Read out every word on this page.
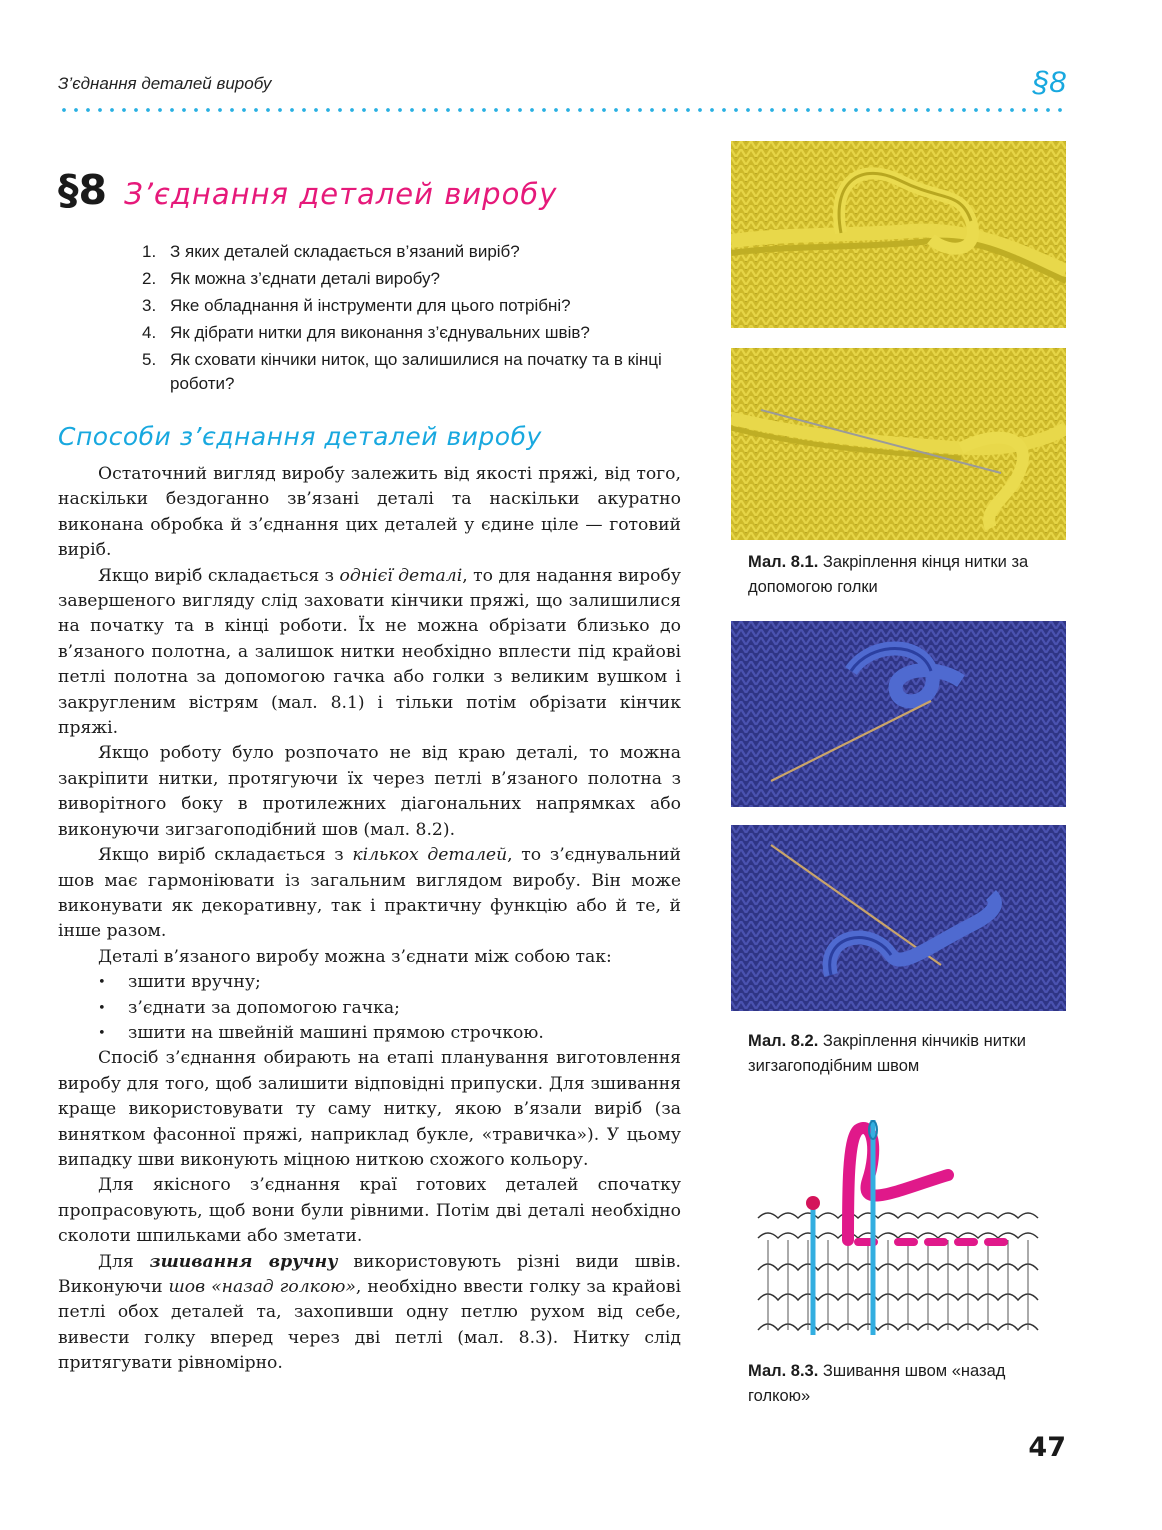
З’єднання деталей виробу	§8
§8 З’єднання деталей виробу
1. З яких деталей складається в’язаний виріб?
2. Як можна з’єднати деталі виробу?
3. Яке обладнання й інструменти для цього потрібні?
4. Як дібрати нитки для виконання з’єднувальних швів?
5. Як сховати кінчики ниток, що залишилися на початку та в кінці роботи?
Способи з’єднання деталей виробу

Остаточний вигляд виробу залежить від якості пряжі, від того, наскільки бездоганно зв’язані деталі та наскільки акуратно виконана обробка й з’єднання цих деталей у єдине ціле — готовий виріб.

Якщо виріб складається з однієї деталі, то для надання виробу завершеного вигляду слід заховати кінчики пряжі, що залишилися на початку та в кінці роботи. Їх не можна обрізати близько до в’язаного полотна, а залишок нитки необхідно вплести під крайові петлі полотна за допомогою гачка або голки з великим вушком і закругленим вістрям (мал. 8.1) і тільки потім обрізати кінчик пряжі.

Якщо роботу було розпочато не від краю деталі, то можна закріпити нитки, протягуючи їх через петлі в’язаного полотна з виворітного боку в протилежних діагональних напрямках або виконуючи зигзагоподібний шов (мал. 8.2).

Якщо виріб складається з кількох деталей, то з’єднувальний шов має гармоніювати із загальним виглядом виробу. Він може виконувати як декоративну, так і практичну функцію або й те, й інше разом.

Деталі в’язаного виробу можна з’єднати між собою так:

• зшити вручну;
• з’єднати за допомогою гачка;
• зшити на швейній машині прямою строчкою.

Спосіб з’єднання обирають на етапі планування виготовлення виробу для того, щоб залишити відповідні припуски. Для зшивання краще використовувати ту саму нитку, якою в’язали виріб (за винятком фасонної пряжі, наприклад букле, «травичка»). У цьому випадку шви виконують міцною ниткою схожого кольору.

Для якісного з’єднання краї готових деталей спочатку пропрасовують, щоб вони були рівними. Потім дві деталі необхідно сколоти шпильками або зметати.

Для зшивання вручну використовують різні види швів. Виконуючи шов «назад голкою», необхідно ввести голку за крайові петлі обох деталей та, захопивши одну петлю рухом від себе, вивести голку вперед через дві петлі (мал. 8.3). Нитку слід притягувати рівномірно.

Мал. 8.1. Закріплення кінця нитки за допомогою голки
Мал. 8.2. Закріплення кінчиків нитки зигзагоподібним швом
Мал. 8.3. Зшивання швом «назад голкою»
47
